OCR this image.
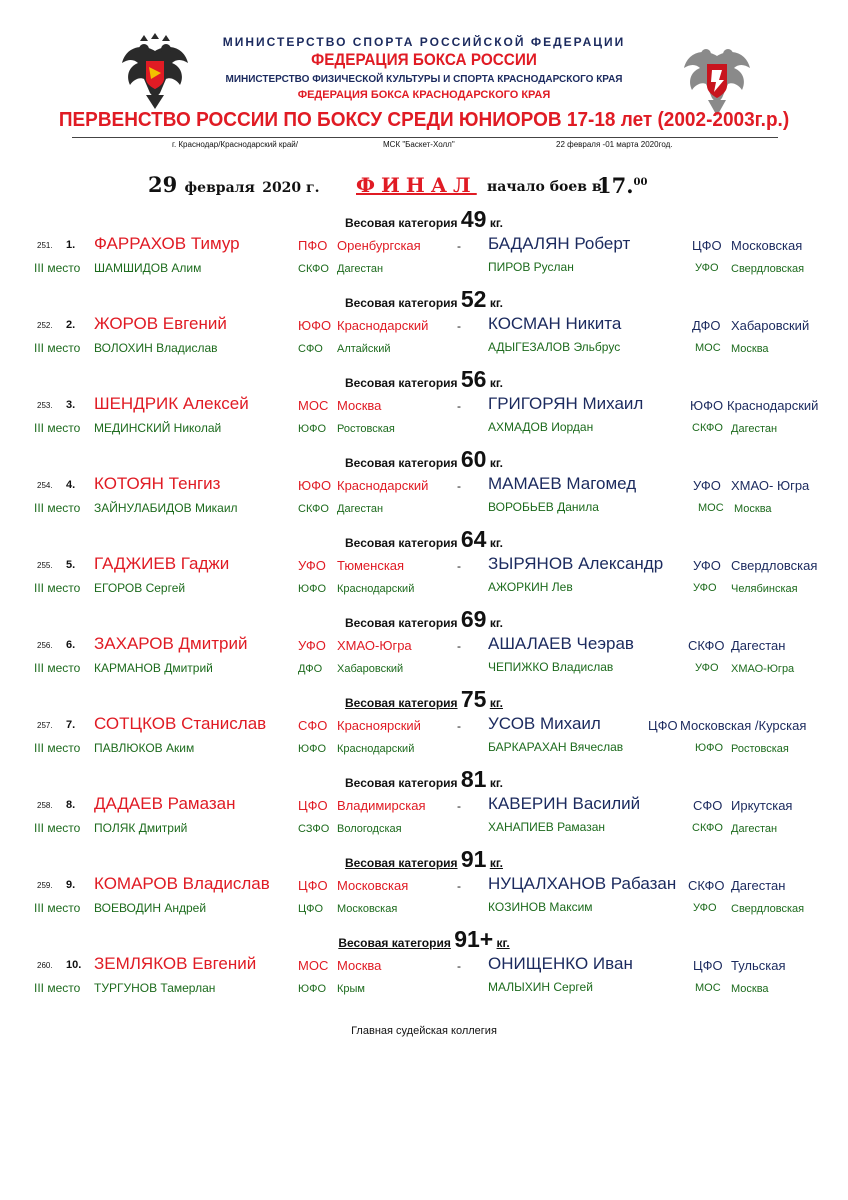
МИНИСТЕРСТВО СПОРТА РОССИЙСКОЙ ФЕДЕРАЦИИ
ФЕДЕРАЦИЯ БОКСА РОССИИ
МИНИСТЕРСТВО ФИЗИЧЕСКОЙ КУЛЬТУРЫ И СПОРТА КРАСНОДАРСКОГО КРАЯ
ФЕДЕРАЦИЯ БОКСА КРАСНОДАРСКОГО КРАЯ
ПЕРВЕНСТВО РОССИИ ПО БОКСУ СРЕДИ ЮНИОРОВ 17-18 лет (2002-2003г.р.)
г. Краснодар/Краснодарский край/	МСК "Баскет-Холл"	22 февраля -01 марта 2020год.
29 февраля 2020 г. ФИНАЛ начало боев в
17.00
Весовая категория 49 кг.
251. 1. ФАРРАХОВ Тимур	ПФО Оренбургская	- БАДАЛЯН Роберт	ЦФО Московская
III место ШАМШИДОВ Алим	СКФО Дагестан	ПИРОВ Руслан	УФО Свердловская
Весовая категория 52 кг.
252. 2. ЖОРОВ Евгений	ЮФО Краснодарский - КОСМАН Никита	ДФО Хабаровский
III место ВОЛОХИН Владислав	СФО Алтайский	АДЫГЕЗАЛОВ Эльбрус	МОС Москва
Весовая категория 56 кг.
253. 3. ШЕНДРИК Алексей	МОС Москва	- ГРИГОРЯН Михаил	ЮФО Краснодарский
III место МЕДИНСКИЙ Николай	ЮФО Ростовская	АХМАДОВ Иордан	СКФО Дагестан
Весовая категория 60 кг.
254. 4. КОТОЯН Тенгиз	ЮФО Краснодарский - МАМАЕВ Магомед	УФО ХМАО- Югра
III место ЗАЙНУЛАБИДОВ Микаил	СКФО Дагестан	ВОРОБЬЕВ Данила	МОС Москва
Весовая категория 64 кг.
255. 5. ГАДЖИЕВ Гаджи	УФО Тюменская	- ЗЫРЯНОВ Александр УФО Свердловская
III место ЕГОРОВ Сергей	ЮФО Краснодарский	АЖОРКИН Лев	УФО Челябинская
Весовая категория 69 кг.
256. 6. ЗАХАРОВ Дмитрий	УФО ХМАО-Югра	- АШАЛАЕВ Чеэрав	СКФО Дагестан
III место КАРМАНОВ Дмитрий	ДФО Хабаровский	ЧЕПИЖКО Владислав	УФО ХМАО-Югра
Весовая категория 75 кг.
257. 7. СОТЦКОВ Станислав СФО Красноярский	- УСОВ Михаил	ЦФО Московская /Курская
III место ПАВЛЮКОВ Аким	ЮФО Краснодарский	БАРКАРАХАН Вячеслав	ЮФО Ростовская
Весовая категория 81 кг.
258. 8. ДАДАЕВ Рамазан	ЦФО Владимирская	- КАВЕРИН Василий	СФО Иркутская
III место ПОЛЯК Дмитрий	СЗФО Вологодская	ХАНАПИЕВ Рамазан	СКФО Дагестан
Весовая категория 91 кг.
259. 9. КОМАРОВ Владислав ЦФО Московская	- НУЦАЛХАНОВ Рабазан СКФО Дагестан
III место ВОЕВОДИН Андрей	ЦФО Московская	КОЗИНОВ Максим	УФО Свердловская
Весовая категория 91+ кг.
260. 10. ЗЕМЛЯКОВ Евгений	МОС Москва	- ОНИЩЕНКО Иван	ЦФО Тульская
III место ТУРГУНОВ Тамерлан	ЮФО Крым	МАЛЫХИН Сергей	МОС Москва
Главная судейская коллегия
